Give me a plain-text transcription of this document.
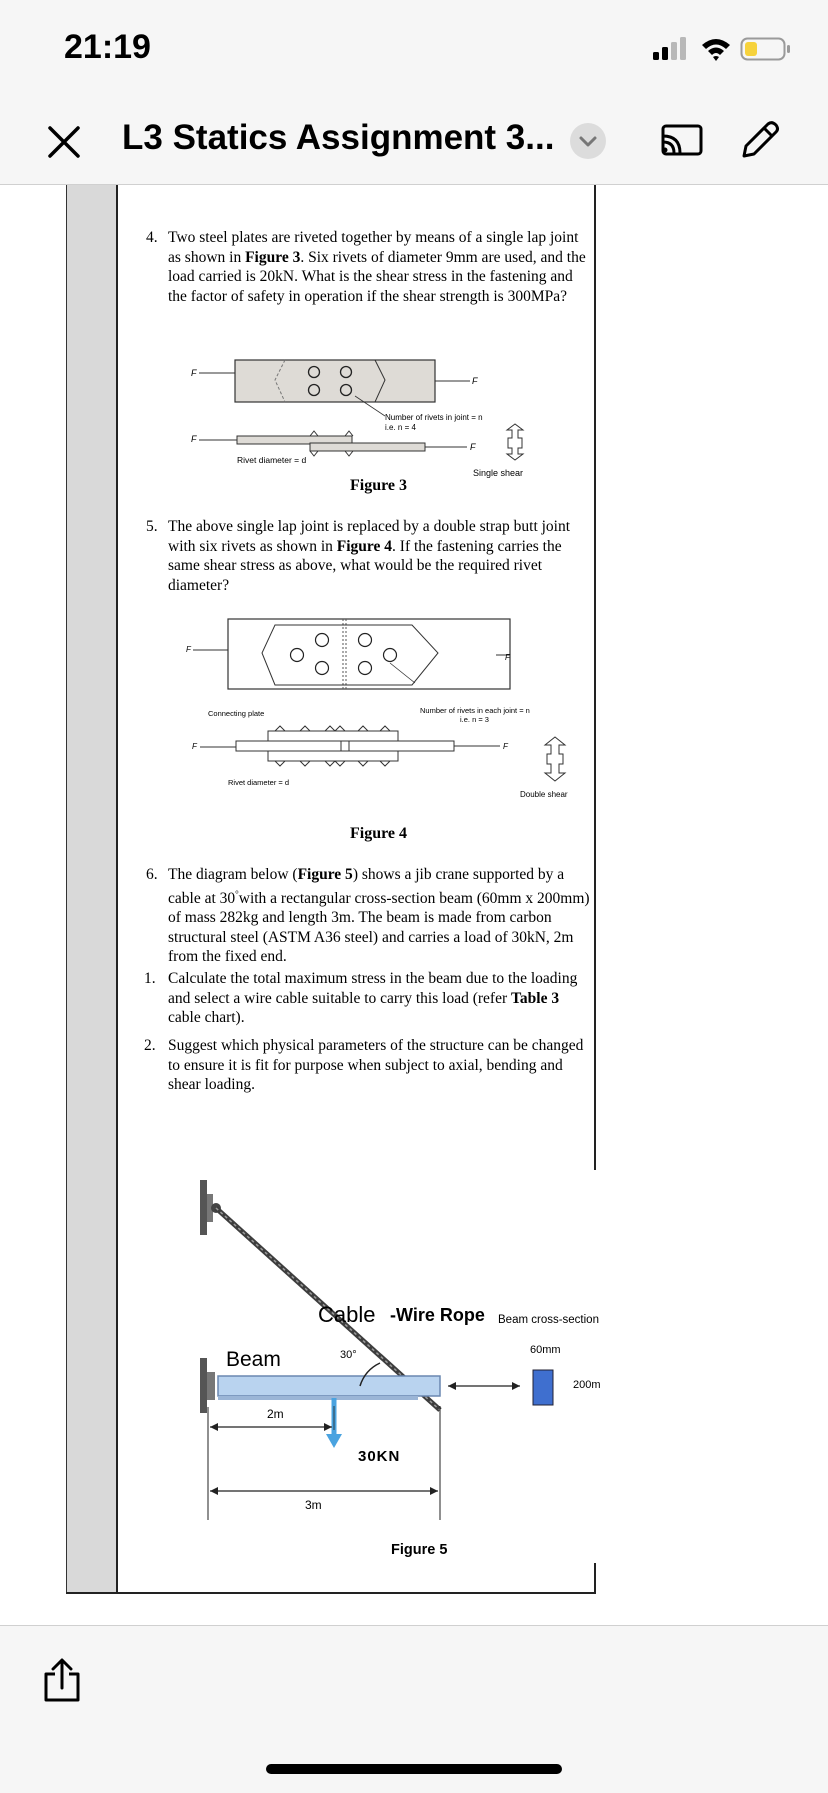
21:19
L3 Statics Assignment 3...
4. Two steel plates are riveted together by means of a single lap joint as shown in Figure 3. Six rivets of diameter 9mm are used, and the load carried is 20kN. What is the shear stress in the fastening and the factor of safety in operation if the shear strength is 300MPa?
F
F
Number of rivets in joint = n
i.e. n = 4
F
F
Rivet diameter = d
Single shear
Figure 3
5. The above single lap joint is replaced by a double strap butt joint with six rivets as shown in Figure 4. If the fastening carries the same shear stress as above, what would be the required rivet diameter?
F
F
Number of rivets in each joint = n
i.e. n = 3
Connecting plate
F	F
Rivet diameter = d
Double shear
Figure 4
6. The diagram below (Figure 5) shows a jib crane supported by a cable at 30°with a rectangular cross-section beam (60mm x 200mm) of mass 282kg and length 3m. The beam is made from carbon structural steel (ASTM A36 steel) and carries a load of 30kN, 2m from the fixed end.
1. Calculate the total maximum stress in the beam due to the loading and select a wire cable suitable to carry this load (refer Table 3 cable chart).
2. Suggest which physical parameters of the structure can be changed to ensure it is fit for purpose when subject to axial, bending and shear loading.
Cable -Wire Rope
Beam	30°
30KN
2m
3m
Beam cross-section
60mm
200m
Figure 5
